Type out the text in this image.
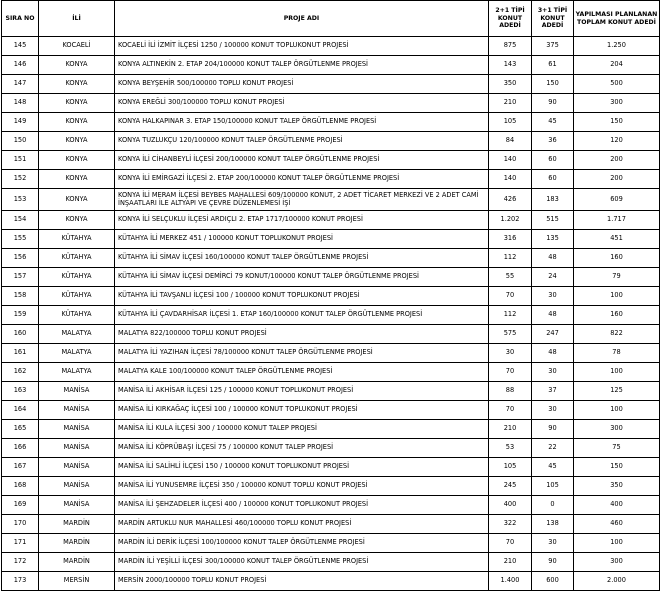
SIRA NO	İLİ	PROJE ADI	2+1 TİPİ KONUT ADEDİ	3+1 TİPİ KONUT ADEDİ	YAPILMASI PLANLANAN TOPLAM KONUT ADEDİ
145	KOCAELİ	KOCAELİ İLİ İZMİT İLÇESİ 1250 / 100000 KONUT TOPLUKONUT PROJESİ	875	375	1.250
146	KONYA	KONYA ALTINEKİN 2. ETAP 204/100000 KONUT TALEP ÖRGÜTLENME PROJESİ	143	61	204
147	KONYA	KONYA BEYŞEHİR 500/100000 TOPLU KONUT PROJESİ	350	150	500
148	KONYA	KONYA EREĞLİ 300/100000 TOPLU KONUT PROJESİ	210	90	300
149	KONYA	KONYA HALKAPINAR 3. ETAP 150/100000 KONUT TALEP ÖRGÜTLENME PROJESİ	105	45	150
150	KONYA	KONYA TUZLUKÇU 120/100000 KONUT TALEP ÖRGÜTLENME PROJESİ	84	36	120
151	KONYA	KONYA İLİ CİHANBEYLİ İLÇESİ 200/100000 KONUT TALEP ÖRGÜTLENME PROJESİ	140	60	200
152	KONYA	KONYA İLİ EMİRGAZİ İLÇESİ 2. ETAP 200/100000 KONUT TALEP ÖRGÜTLENME PROJESİ	140	60	200
153	KONYA	KONYA İLİ MERAM İLÇESİ BEYBES MAHALLESİ 609/100000 KONUT, 2 ADET TİCARET MERKEZİ VE 2 ADET CAMİ İNŞAATLARI İLE ALTYAPI VE ÇEVRE DÜZENLEMESİ İŞİ	426	183	609
154	KONYA	KONYA İLİ SELÇUKLU İLÇESİ ARDIÇLI 2. ETAP 1717/100000 KONUT PROJESİ	1.202	515	1.717
155	KÜTAHYA	KÜTAHYA İLİ MERKEZ 451 / 100000 KONUT TOPLUKONUT PROJESİ	316	135	451
156	KÜTAHYA	KÜTAHYA İLİ SİMAV İLÇESİ 160/100000 KONUT TALEP ÖRGÜTLENME PROJESİ	112	48	160
157	KÜTAHYA	KÜTAHYA İLİ SİMAV İLÇESİ DEMİRCİ 79 KONUT/100000 KONUT TALEP ÖRGÜTLENME PROJESİ	55	24	79
158	KÜTAHYA	KÜTAHYA İLİ TAVŞANLI İLÇESİ 100 / 100000 KONUT TOPLUKONUT PROJESİ	70	30	100
159	KÜTAHYA	KÜTAHYA İLİ ÇAVDARHİSAR İLÇESİ 1. ETAP 160/100000 KONUT TALEP ÖRGÜTLENME PROJESİ	112	48	160
160	MALATYA	MALATYA 822/100000 TOPLU KONUT PROJESİ	575	247	822
161	MALATYA	MALATYA İLİ YAZIHAN İLÇESİ 78/100000 KONUT TALEP ÖRGÜTLENME PROJESİ	30	48	78
162	MALATYA	MALATYA KALE 100/100000 KONUT TALEP ÖRGÜTLENME PROJESİ	70	30	100
163	MANİSA	MANİSA İLİ AKHİSAR İLÇESİ 125 / 100000 KONUT TOPLUKONUT PROJESİ	88	37	125
164	MANİSA	MANİSA İLİ KIRKAĞAÇ İLÇESİ 100 / 100000 KONUT TOPLUKONUT PROJESİ	70	30	100
165	MANİSA	MANİSA İLİ KULA İLÇESİ 300 / 100000 KONUT TALEP PROJESİ	210	90	300
166	MANİSA	MANİSA İLİ KÖPRÜBAŞI İLÇESİ 75 / 100000 KONUT TALEP PROJESİ	53	22	75
167	MANİSA	MANİSA İLİ SALİHLİ İLÇESİ 150 / 100000 KONUT TOPLUKONUT PROJESİ	105	45	150
168	MANİSA	MANİSA İLİ YUNUSEMRE İLÇESİ 350 / 100000 KONUT TOPLU KONUT PROJESİ	245	105	350
169	MANİSA	MANİSA İLİ ŞEHZADELER İLÇESİ 400 / 100000 KONUT TOPLUKONUT PROJESİ	400	0	400
170	MARDİN	MARDİN ARTUKLU NUR MAHALLESİ 460/100000 TOPLU KONUT PROJESİ	322	138	460
171	MARDİN	MARDİN İLİ DERİK İLÇESİ 100/100000 KONUT TALEP ÖRGÜTLENME PROJESİ	70	30	100
172	MARDİN	MARDİN İLİ YEŞİLLİ İLÇESİ 300/100000 KONUT TALEP ÖRGÜTLENME PROJESİ	210	90	300
173	MERSİN	MERSİN 2000/100000 TOPLU KONUT PROJESİ	1.400	600	2.000
